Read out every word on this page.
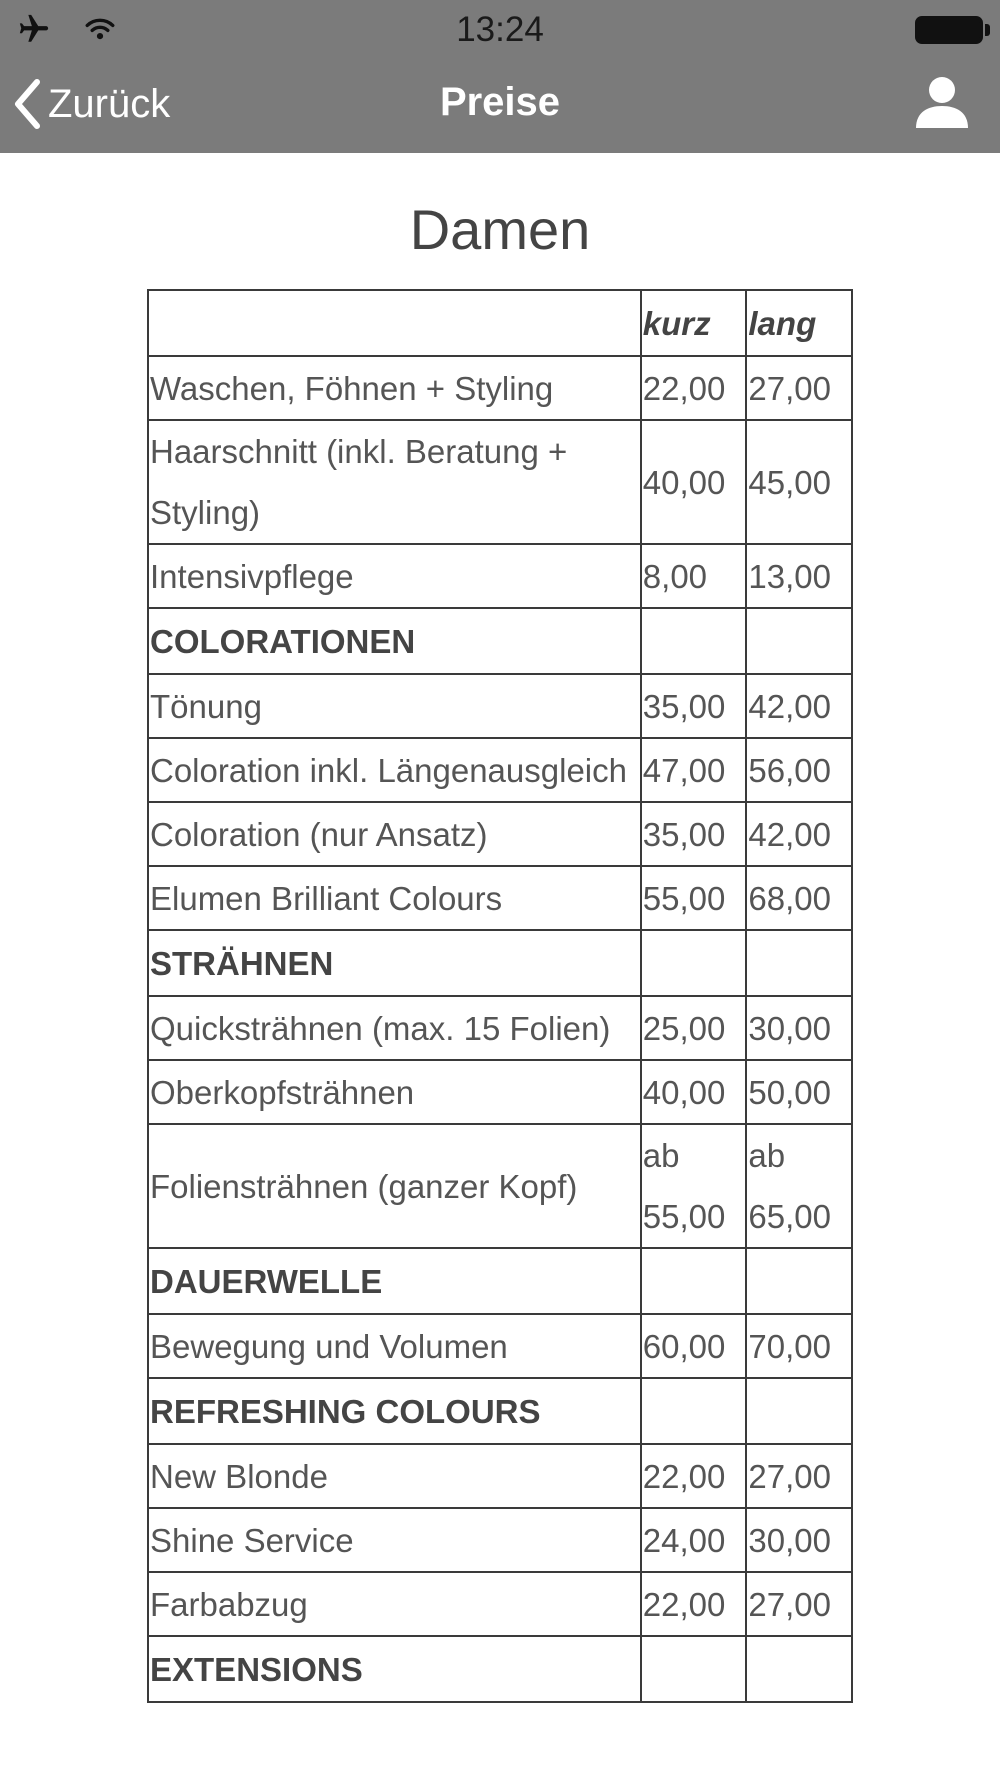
13:24
Zurück	Preise
Damen
	kurz	lang
Waschen, Föhnen + Styling	22,00	27,00
Haarschnitt (inkl. Beratung + Styling)	40,00	45,00
Intensivpflege	8,00	13,00
COLORATIONEN		
Tönung	35,00	42,00
Coloration inkl. Längenausgleich	47,00	56,00
Coloration (nur Ansatz)	35,00	42,00
Elumen Brilliant Colours	55,00	68,00
STRÄHNEN		
Quicksträhnen (max. 15 Folien)	25,00	30,00
Oberkopfsträhnen	40,00	50,00
Foliensträhnen (ganzer Kopf)	ab 55,00	ab 65,00
DAUERWELLE		
Bewegung und Volumen	60,00	70,00
REFRESHING COLOURS		
New Blonde	22,00	27,00
Shine Service	24,00	30,00
Farbabzug	22,00	27,00
EXTENSIONS		
